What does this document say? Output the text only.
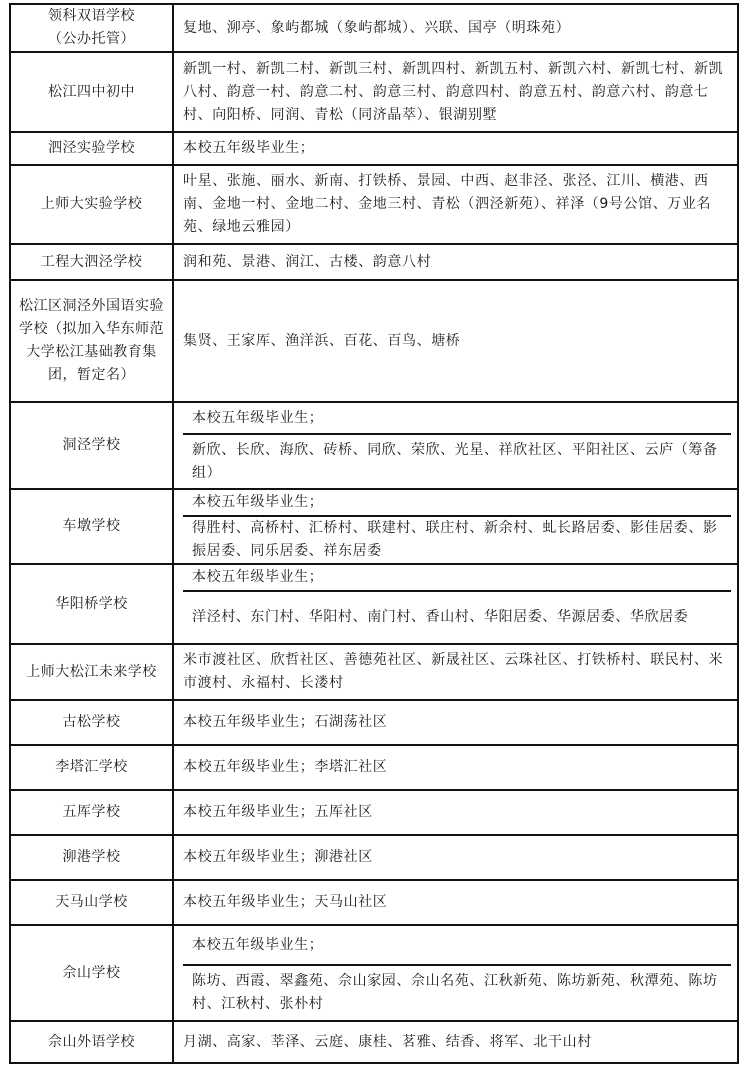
领科双语学校
（公办托管）	复地、泖亭、象屿都城（象屿都城）、兴联、国亭（明珠苑）

松江四中初中	新凯一村、新凯二村、新凯三村、新凯四村、新凯五村、新凯六村、新凯七村、新凯八村、韵意一村、韵意二村、韵意三村、韵意四村、韵意五村、韵意六村、韵意七村、向阳桥、同润、青松（同济晶萃）、银湖别墅

泗泾实验学校	本校五年级毕业生；

上师大实验学校	叶星、张施、丽水、新南、打铁桥、景园、中西、赵非泾、张泾、江川、横港、西南、金地一村、金地二村、金地三村、青松（泗泾新苑）、祥泽（9号公馆、万业名苑、绿地云雅园）

工程大泗泾学校	润和苑、景港、润江、古楼、韵意八村

松江区洞泾外国语实验学校（拟加入华东师范大学松江基础教育集团，暂定名）	集贤、王家厍、渔洋浜、百花、百鸟、塘桥

洞泾学校	本校五年级毕业生；
新欣、长欣、海欣、砖桥、同欣、荣欣、光星、祥欣社区、平阳社区、云庐（筹备组）

车墩学校	本校五年级毕业生；
得胜村、高桥村、汇桥村、联建村、联庄村、新余村、虬长路居委、影佳居委、影振居委、同乐居委、祥东居委

华阳桥学校	本校五年级毕业生；
洋泾村、东门村、华阳村、南门村、香山村、华阳居委、华源居委、华欣居委

上师大松江未来学校	米市渡社区、欣哲社区、善德苑社区、新晟社区、云珠社区、打铁桥村、联民村、米市渡村、永福村、长溇村

古松学校	本校五年级毕业生；石湖荡社区

李塔汇学校	本校五年级毕业生；李塔汇社区

五厍学校	本校五年级毕业生；五厍社区

泖港学校	本校五年级毕业生；泖港社区

天马山学校	本校五年级毕业生；天马山社区

佘山学校	本校五年级毕业生；
陈坊、西霞、翠鑫苑、佘山家园、佘山名苑、江秋新苑、陈坊新苑、秋潭苑、陈坊村、江秋村、张朴村

佘山外语学校	月湖、高家、莘泽、云庭、康桂、茗雅、结香、将军、北干山村
